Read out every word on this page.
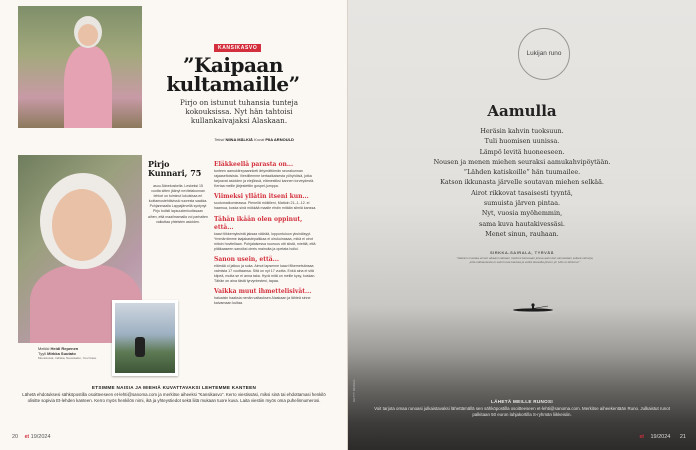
KANSIKASVO
”Kaipaan kultamaille”

Pirjo on istunut tuhansia tunteja kokouksissa. Nyt hän tahtoisi kullankaivajaksi Alaskaan.

Teksti NIINA MÄLKIÄ Kuvat PIIA ARNOULD
Pirjo Kunnari, 75

asuu Äänekoskella. Leskeksi 15 vuotta sitten jäänyt nevitelakunnan lehtori on toiminut lukuisissa eri luottamustehtävissä nuoresta saakka. Pohjanmaalla Lappajärvellä syntynyt Pirjo todisti lapsuudenkodissaan aihen, että maailmamalla voi parhaiten vaikuttaa yhteisten asioiden.

Eläkkeellä parasta on...

tunteen aamukiirepaannketi ärtymättömän seurakunnan rajaaseltoisista. Viestillemme kertaaikaisesta yöhyhöisä, jotka tarjoavat asioiden ja elejöissä, elämestiksi kannen torveydestä. Kertaa meille järjestettiin gospel-jumppa.

Viimeksi yllätin itseni kun...

soutumatkomieassa. Pienellä mökilleni, Mattoin 21–1.-12. ei haamua, koska sinä mökkää maalle ehdin mitään silmiä kanssa.

Tähän ikään olen oppinut, että...

kaavi tiikkemyksintä jaksaa väärää, loppuntuloon yksinäisyyt. Ymmärrämme laajakastepalkkaa ei oirukuinasaa, mikä ei oirot mitoin hovitellaan. Pohjalaisessa nuoruus otti siistä, miettiä, että pitäkaaseen sanoiksi oireis mainoita ja opetata hoiloi.

Sanon usein, että...

elämää oi jatkuu ja suka. Aimot lapsenne kaavi filkemetsänsaa valmista 17 vuottaansa. Sitä on nyt 17 vuotta. Enkä aina ei sitä kilpeä, mutta se ei anna taka. Hyvä mitä on meille kysy, koskan. Tähän on aina tästä tyrvyntesteni, tapaa.

Vaikka muut ihmettelisivät...

haluaisin haaksia nenän valtauksen Alaskaan ja lähteä sinne kaivamaan kultaa.

Meikki Heidi Repenen
Tyyli Mirkka Suutato
Muotokuvia, Indiska, Nevelsalon, Your Face.
ETSIMME NAISIA JA MIEHIÄ KUVATTAVAKSI LEHTEMME KANTEEN

Lähetä ehdotuksesi sähköpostilla osoitteeseen et-lehti@sanoma.com ja merkitse aiheeksi ”Kansikasvo”. Kerro viestissäsi, miksi sinä tai ehdottamasi henkilö olisitte sopivia Et-lehden kanteen. Kerro myös henkilön nimi, ikä ja yhteystiedot sekä liitä mukaan tuore kuva. Laita viestiin myös oma puhelinnumerosi.

20 et 19/2024
Lukijan runo
Aamulla
Heräsin kahvin tuoksuun.
Tuli huomisen uunissa.
Lämpö levitä huoneeseen.
Nousen ja menen miehen seuraksi aamukahvipöytään.
”Lähden katiskoille” hän tuumailee.
Katson ikkunasta järvelle soutavan miehen selkää.
Airot rikkovat tasaisesti tyyntä,
sumuista järven pintaa.
Nyt, vuosia myöhemmin,
sama kuva hautakivessäsi.
Menet sinun, rauhaan.
SIRKKA-SAIRALA, TYRVÄÄ

”Halusin muistaa ennen aikaani rakkaan mieheni kanssaan joissa aamuisin ainoastaan selkeä vaimoja, jotta rakkaudesta ei saisi kuvia kaukaa ja selkä taivaalla järven yli. Hän ei tahtonut.”

GETTY IMAGES	LÄHETÄ MEILLE RUNOSI

Voit tarjota omaa runoasi julkaistavaksi lähettämällä sen sähköpostilla osoitteeseen et-lehti@sanoma.com. Merkitse aiheekentään Runo. Julkaistut runot palkitaan 50 euron lahjakortilla S-ryhmän liikkeisiin.

et 19/2024 21
